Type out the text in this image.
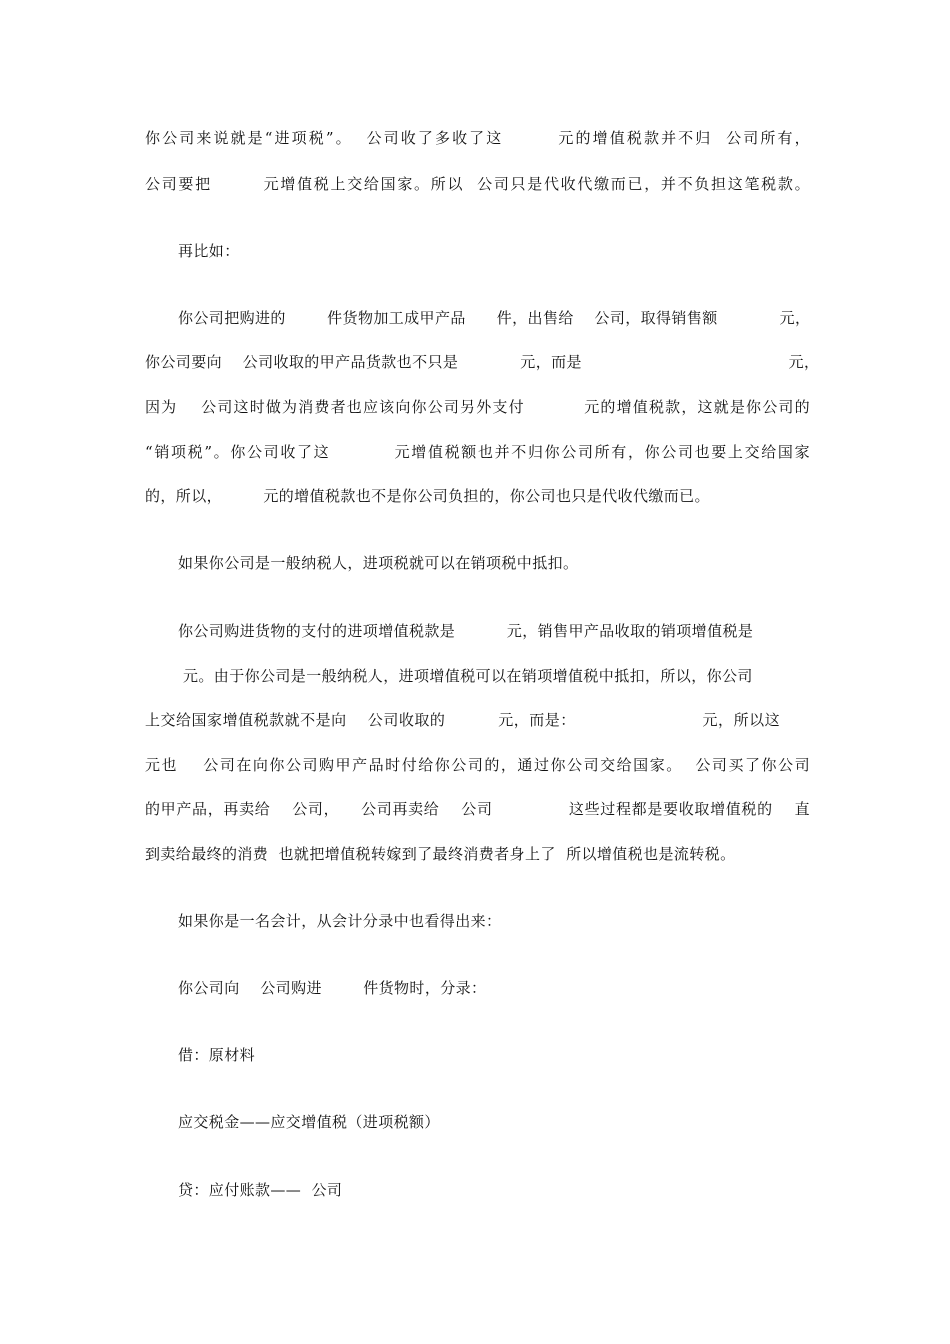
你公司来说就是“进项税”。  公司收了多收了这        元的增值税款并不归  公司所有，
公司要把        元增值税上交给国家。所以  公司只是代收代缴而已，并不负担这笔税款。
再比如：
你公司把购进的        件货物加工成甲产品      件，出售给    公司，取得销售额            元，
你公司要向    公司收取的甲产品货款也不只是            元，而是                                        元，
因为    公司这时做为消费者也应该向你公司另外支付          元的增值税款，这就是你公司的
“销项税”。你公司收了这          元增值税额也并不归你公司所有，你公司也要上交给国家
的，所以，        元的增值税款也不是你公司负担的，你公司也只是代收代缴而已。
如果你公司是一般纳税人，进项税就可以在销项税中抵扣。
你公司购进货物的支付的进项增值税款是          元，销售甲产品收取的销项增值税是
元。由于你公司是一般纳税人，进项增值税可以在销项增值税中抵扣，所以，你公司
上交给国家增值税款就不是向    公司收取的          元，而是：                        元，所以这
元也    公司在向你公司购甲产品时付给你公司的，通过你公司交给国家。  公司买了你公司
的甲产品，再卖给    公司，    公司再卖给    公司              这些过程都是要收取增值税的    直
到卖给最终的消费  也就把增值税转嫁到了最终消费者身上了  所以增值税也是流转税。
如果你是一名会计，从会计分录中也看得出来：
你公司向    公司购进        件货物时，分录：
借：原材料
应交税金——应交增值税（进项税额）
贷：应付账款——  公司
